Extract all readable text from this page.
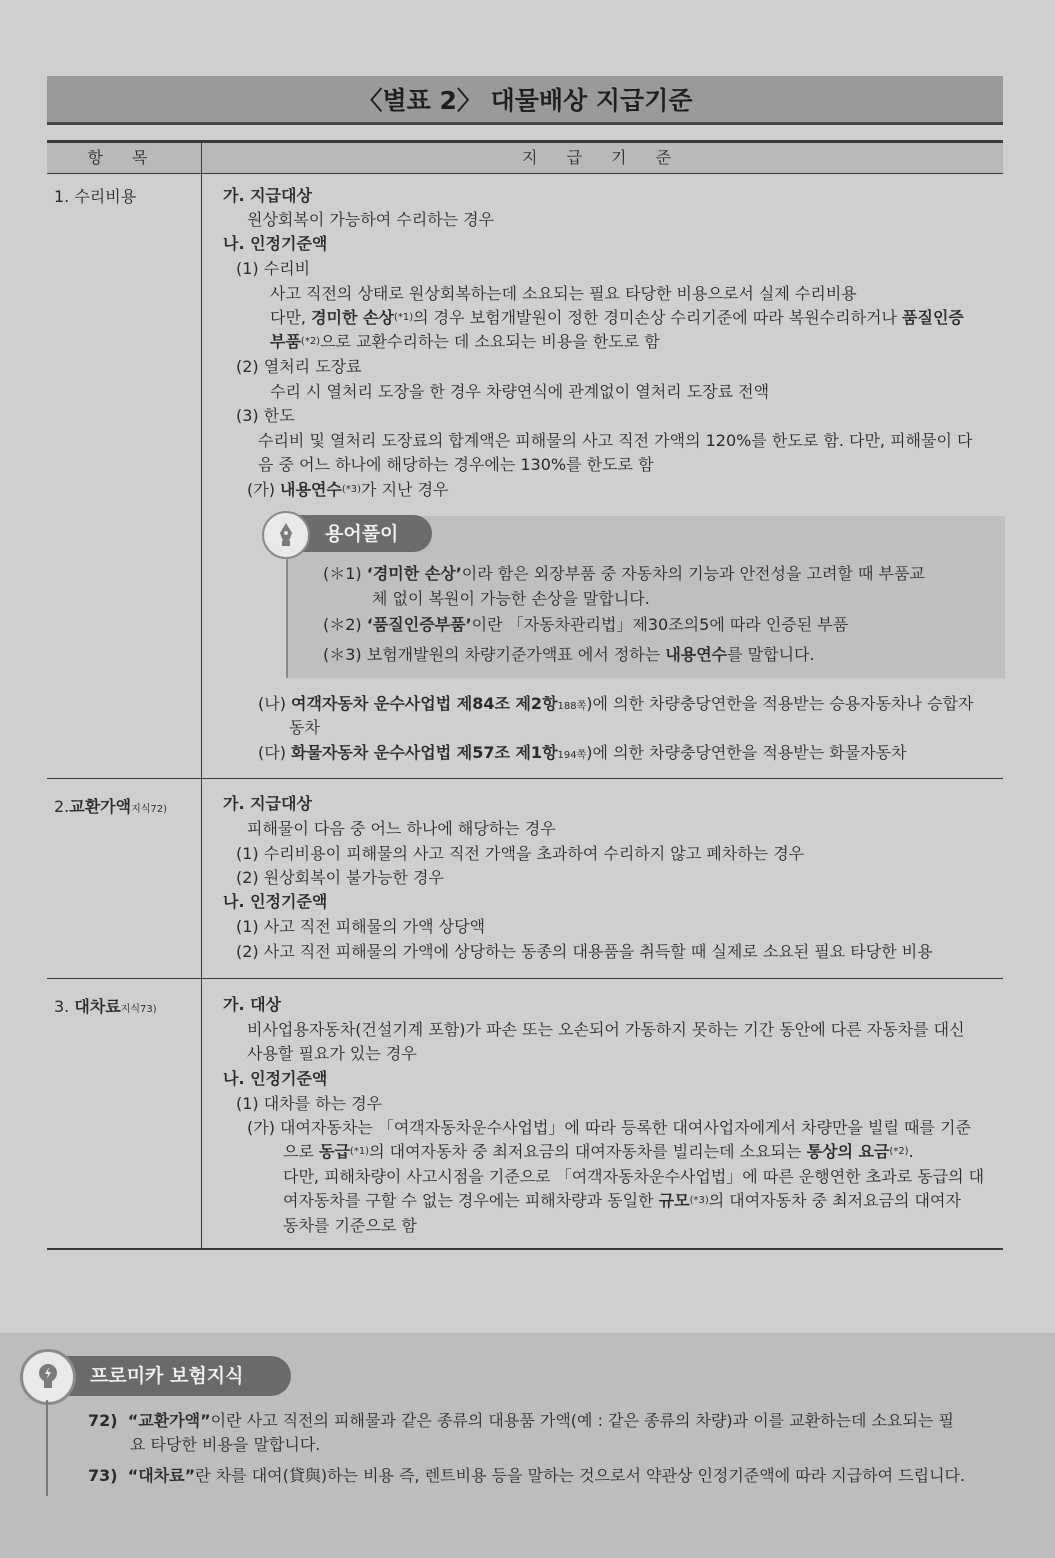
〈별표 2〉 대물배상 지급기준
항 목	지 급 기 준
1. 수리비용	가. 지급대상
원상회복이 가능하여 수리하는 경우
나. 인정기준액
(1) 수리비
사고 직전의 상태로 원상회복하는데 소요되는 필요 타당한 비용으로서 실제 수리비용
다만, 경미한 손상$^{(*1)}$의 경우 보험개발원이 정한 경미손상 수리기준에 따라 복원수리하거나 품질인증
부품$^{(*2)}$으로 교환수리하는 데 소요되는 비용을 한도로 함
(2) 열처리 도장료
수리 시 열처리 도장을 한 경우 차량연식에 관계없이 열처리 도장료 전액
(3) 한도
수리비 및 열처리 도장료의 합계액은 피해물의 사고 직전 가액의 120%를 한도로 함. 다만, 피해물이 다
음 중 어느 하나에 해당하는 경우에는 130%를 한도로 함
(가) 내용연수$^{(*3)}$가 지난 경우
용어풀이
(＊1) ‘경미한 손상’이라 함은 외장부품 중 자동차의 기능과 안전성을 고려할 때 부품교
체 없이 복원이 가능한 손상을 말합니다.
(＊2) ‘품질인증부품’이란 「자동차관리법」제30조의5에 따라 인증된 부품
(＊3) 보험개발원의 차량기준가액표 에서 정하는 내용연수를 말합니다.
(나) 여객자동차 운수사업법 제84조 제2항188쪽)에 의한 차량충당연한을 적용받는 승용자동차나 승합자
동차
(다) 화물자동차 운수사업법 제57조 제1항194쪽)에 의한 차량충당연한을 적용받는 화물자동차
2.교환가액지식72)	가. 지급대상
피해물이 다음 중 어느 하나에 해당하는 경우
(1) 수리비용이 피해물의 사고 직전 가액을 초과하여 수리하지 않고 폐차하는 경우
(2) 원상회복이 불가능한 경우
나. 인정기준액
(1) 사고 직전 피해물의 가액 상당액
(2) 사고 직전 피해물의 가액에 상당하는 동종의 대용품을 취득할 때 실제로 소요된 필요 타당한 비용
3. 대차료지식73)	가. 대상
비사업용자동차(건설기계 포함)가 파손 또는 오손되어 가동하지 못하는 기간 동안에 다른 자동차를 대신
사용할 필요가 있는 경우
나. 인정기준액
(1) 대차를 하는 경우
(가) 대여자동차는 「여객자동차운수사업법」에 따라 등록한 대여사업자에게서 차량만을 빌릴 때를 기준
으로 동급$^{(*1)}$의 대여자동차 중 최저요금의 대여자동차를 빌리는데 소요되는 통상의 요금$^{(*2)}$.
다만, 피해차량이 사고시점을 기준으로 「여객자동차운수사업법」에 따른 운행연한 초과로 동급의 대
여자동차를 구할 수 없는 경우에는 피해차량과 동일한 규모$^{(*3)}$의 대여자동차 중 최저요금의 대여자
동차를 기준으로 함
프로미카 보험지식
72) “교환가액”이란 사고 직전의 피해물과 같은 종류의 대용품 가액(예 : 같은 종류의 차량)과 이를 교환하는데 소요되는 필
요 타당한 비용을 말합니다.
73) “대차료”란 차를 대여(貸與)하는 비용 즉, 렌트비용 등을 말하는 것으로서 약관상 인정기준액에 따라 지급하여 드립니다.
